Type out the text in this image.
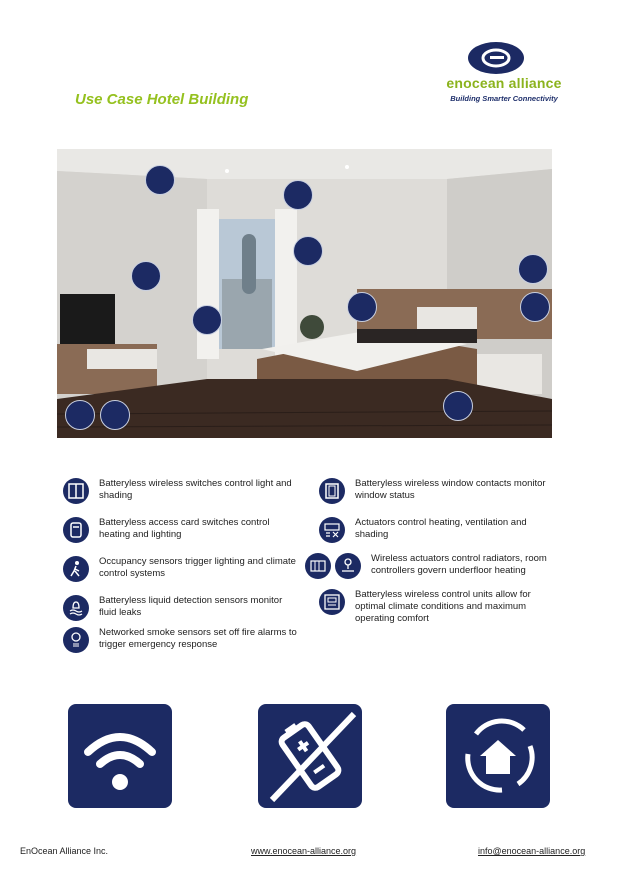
Use Case Hotel Building
enocean alliance
Building Smarter Connectivity
Batteryless wireless switches control light and shading
Batteryless access card switches control heating and lighting
Occupancy sensors trigger lighting and climate control systems
Batteryless liquid detection sensors monitor fluid leaks
Networked smoke sensors set off fire alarms to trigger emergency response
Batteryless wireless window contacts monitor window status
Actuators control heating, ventilation and shading
Wireless actuators control radiators, room controllers govern underfloor heating
Batteryless wireless control units allow for optimal climate conditions and maximum operating comfort
EnOcean Alliance Inc.	www.enocean-alliance.org	info@enocean-alliance.org
